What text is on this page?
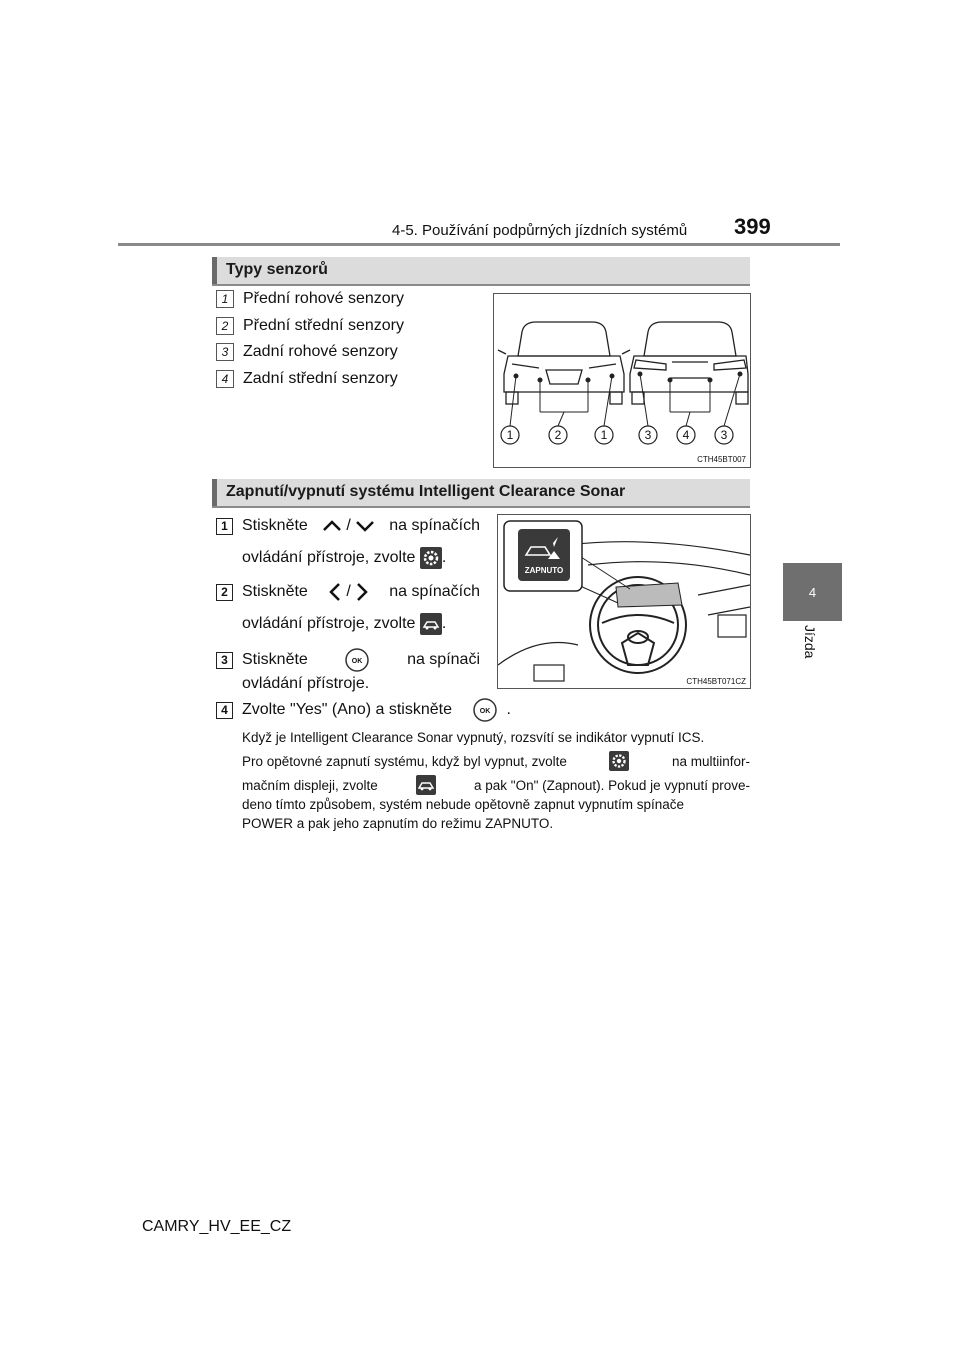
4-5. Používání podpůrných jízdních systémů 399
4
Jízda
Typy senzorů
1 Přední rohové senzory
2 Přední střední senzory
3 Zadní rohové senzory
4 Zadní střední senzory
1	2	1	3	4	3
CTH45BT007
Zapnutí/vypnutí systému Intelligent Clearance Sonar
1 Stiskněte	/	na spínačích
ovládání přístroje, zvolte .
2 Stiskněte	/	na spínačích
ovládání přístroje, zvolte .
3 Stiskněte	OK	na spínači
ovládání přístroje.
4 Zvolte "Yes" (Ano) a stiskněte	OK .
ZAPNUTO
CTH45BT071CZ
Když je Intelligent Clearance Sonar vypnutý, rozsvítí se indikátor vypnutí ICS.
Pro opětovné zapnutí systému, když byl vypnut, zvolte	na multiinfor-
mačním displeji, zvolte	a pak "On" (Zapnout). Pokud je vypnutí prove-
deno tímto způsobem, systém nebude opětovně zapnut vypnutím spínače
POWER a pak jeho zapnutím do režimu ZAPNUTO.
CAMRY_HV_EE_CZ
